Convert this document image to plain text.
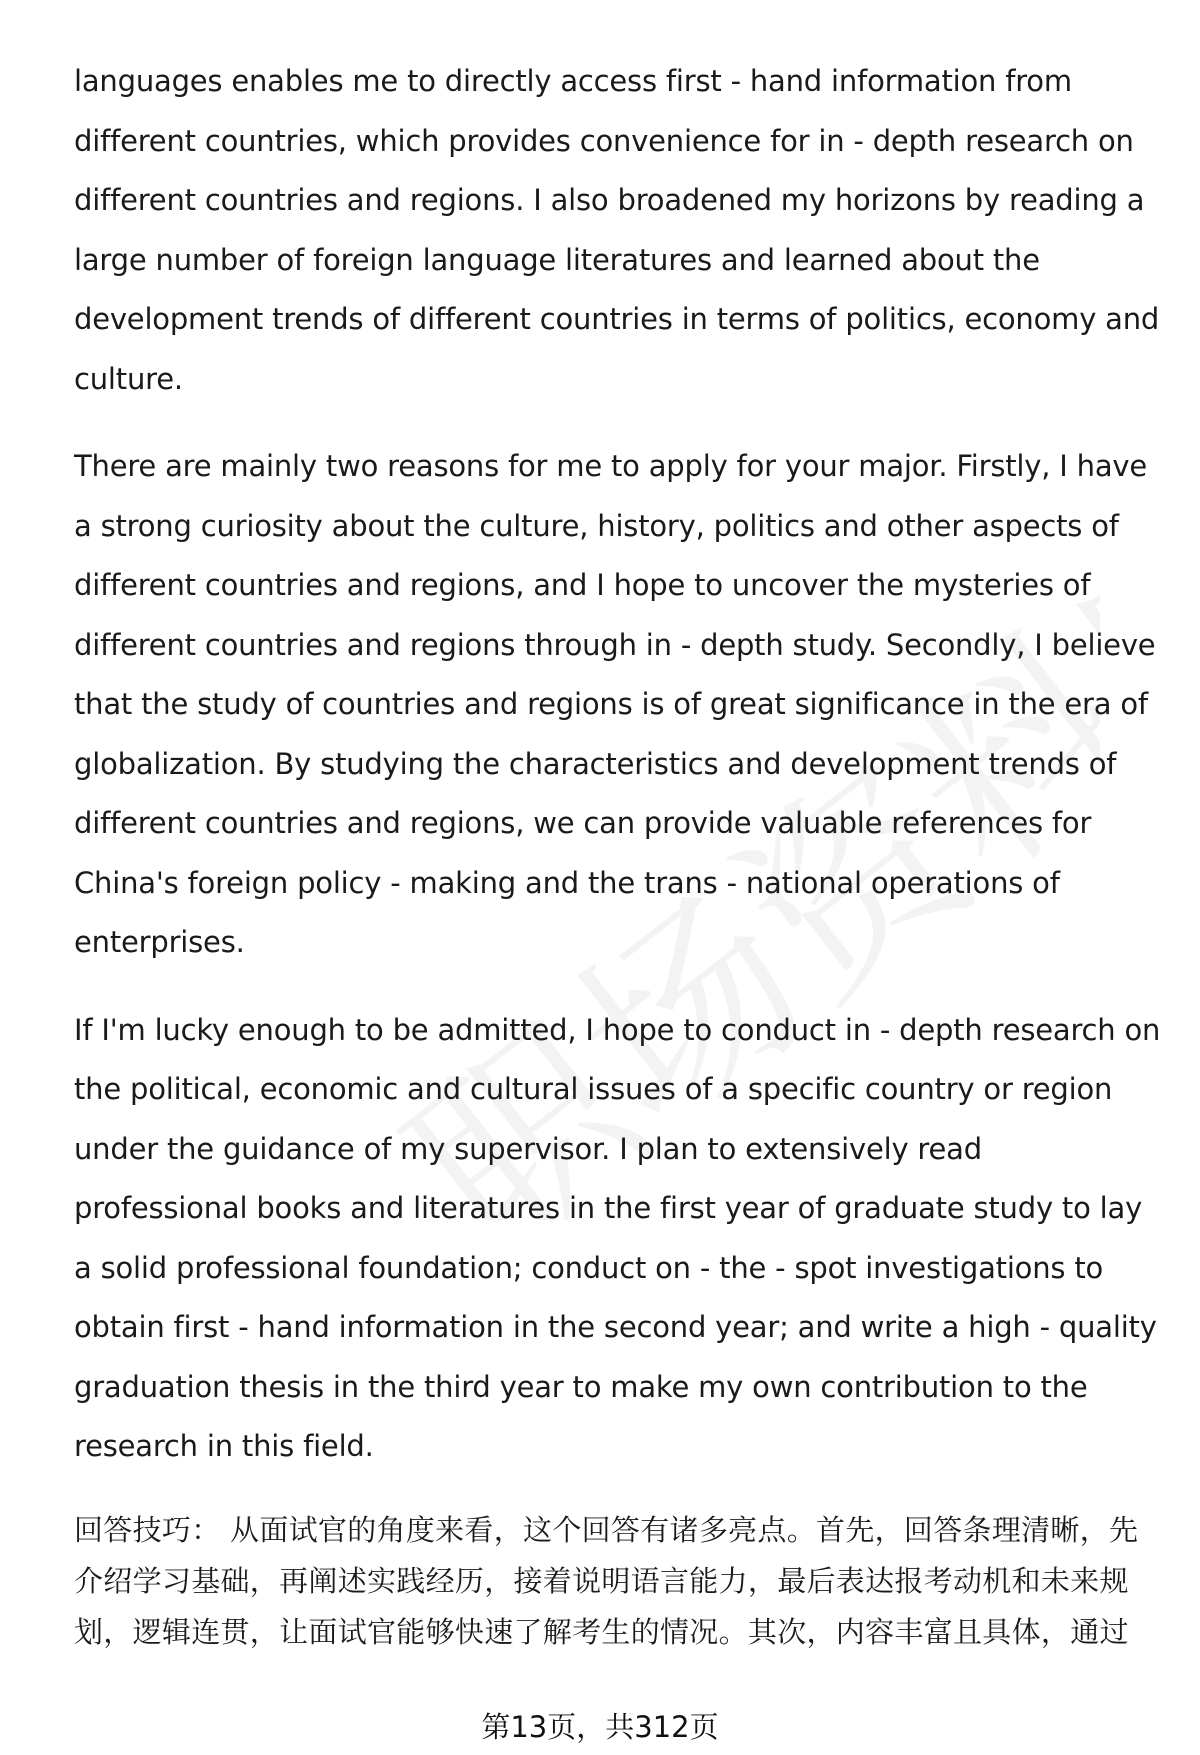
languages enables me to directly access first - hand information from different countries, which provides convenience for in - depth research on different countries and regions. I also broadened my horizons by reading a large number of foreign language literatures and learned about the development trends of different countries in terms of politics, economy and culture.

There are mainly two reasons for me to apply for your major. Firstly, I have a strong curiosity about the culture, history, politics and other aspects of different countries and regions, and I hope to uncover the mysteries of different countries and regions through in - depth study. Secondly, I believe that the study of countries and regions is of great significance in the era of globalization. By studying the characteristics and development trends of different countries and regions, we can provide valuable references for China's foreign policy - making and the trans - national operations of enterprises.

If I'm lucky enough to be admitted, I hope to conduct in - depth research on the political, economic and cultural issues of a specific country or region under the guidance of my supervisor. I plan to extensively read professional books and literatures in the first year of graduate study to lay a solid professional foundation; conduct on - the - spot investigations to obtain first - hand information in the second year; and write a high - quality graduation thesis in the third year to make my own contribution to the research in this field.

回答技巧： 从面试官的角度来看，这个回答有诸多亮点。首先，回答条理清晰，先介绍学习基础，再阐述实践经历，接着说明语言能力，最后表达报考动机和未来规划，逻辑连贯，让面试官能够快速了解考生的情况。其次，内容丰富且具体，通过

第13页，共312页
